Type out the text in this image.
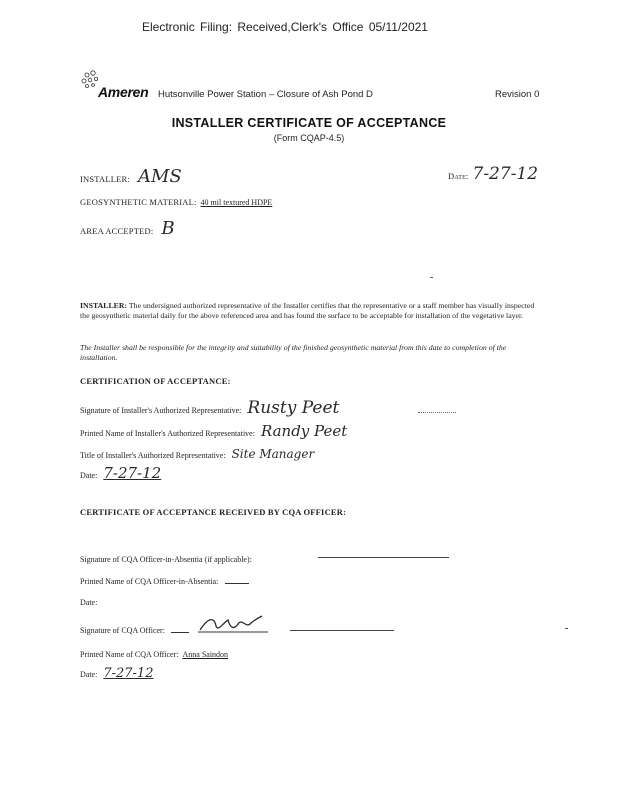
Electronic Filing: Received,Clerk's Office 05/11/2021
Ameren Hutsonville Power Station – Closure of Ash Pond D	Revision 0
INSTALLER CERTIFICATE OF ACCEPTANCE
(Form CQAP-4.5)
INSTALLER: AMS	Date: 7-27-12
GEOSYNTHETIC MATERIAL: 40 mil textured HDPE
AREA ACCEPTED: B
INSTALLER: The undersigned authorized representative of the Installer certifies that the representative or a staff member has visually inspected the geosynthetic material daily for the above referenced area and has found the surface to be acceptable for installation of the vegetative layer.
The Installer shall be responsible for the integrity and suitability of the finished geosynthetic material from this date to completion of the installation.
CERTIFICATION OF ACCEPTANCE:
Signature of Installer's Authorized Representative: Rusty Peet
Printed Name of Installer's Authorized Representative: Randy Peet
Title of Installer's Authorized Representative: Site Manager
Date: 7-27-12
CERTIFICATE OF ACCEPTANCE RECEIVED BY CQA OFFICER:
Signature of CQA Officer-in-Absentia (if applicable):
Printed Name of CQA Officer-in-Absentia:
Date:
Signature of CQA Officer:
Printed Name of CQA Officer: Anna Saindon
Date: 7-27-12
